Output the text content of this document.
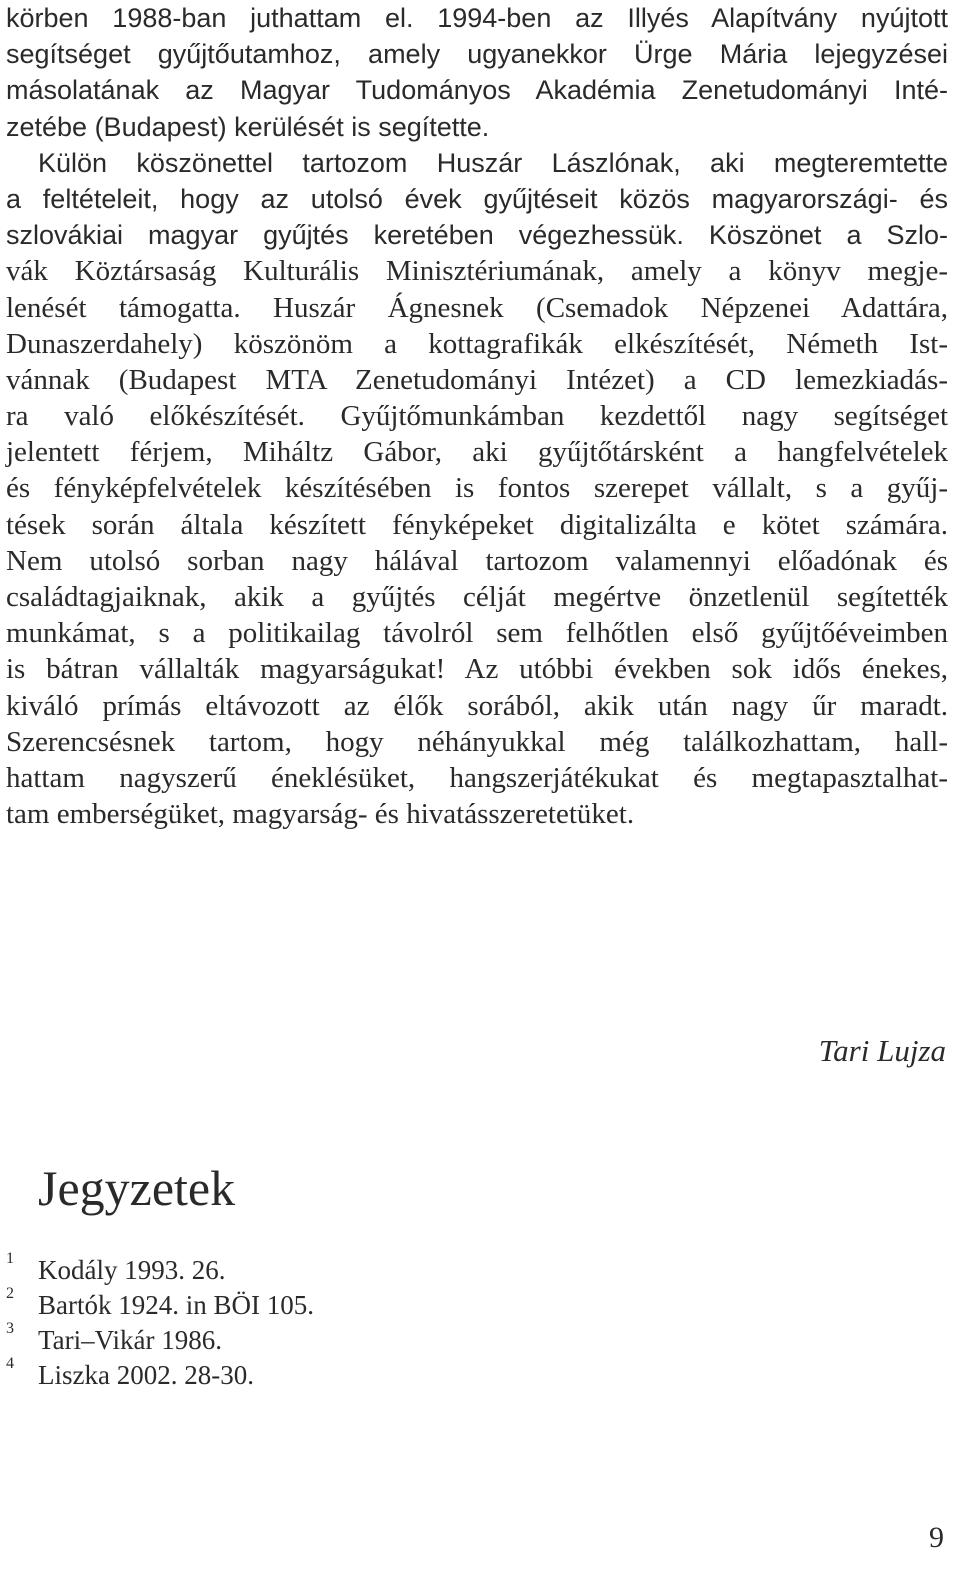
körben 1988-ban juthattam el. 1994-ben az Illyés Alapítvány nyújtott
segítséget gyűjtőutamhoz, amely ugyanekkor Ürge Mária lejegyzései
másolatának az Magyar Tudományos Akadémia Zenetudományi Inté-
zetébe (Budapest) kerülését is segítette.
Külön köszönettel tartozom Huszár Lászlónak, aki megteremtette
a feltételeit, hogy az utolsó évek gyűjtéseit közös magyarországi- és
szlovákiai magyar gyűjtés keretében végezhessük. Köszönet a Szlo-
vák Köztársaság Kulturális Minisztériumának, amely a könyv megje-
lenését támogatta. Huszár Ágnesnek (Csemadok Népzenei Adattára,
Dunaszerdahely) köszönöm a kottagrafikák elkészítését, Németh Ist-
vánnak (Budapest MTA Zenetudományi Intézet) a CD lemezkiadás-
ra való előkészítését. Gyűjtőmunkámban kezdettől nagy segítséget
jelentett férjem, Miháltz Gábor, aki gyűjtőtársként a hangfelvételek
és fényképfelvételek készítésében is fontos szerepet vállalt, s a gyűj-
tések során általa készített fényképeket digitalizálta e kötet számára.
Nem utolsó sorban nagy hálával tartozom valamennyi előadónak és
családtagjaiknak, akik a gyűjtés célját megértve önzetlenül segítették
munkámat, s a politikailag távolról sem felhőtlen első gyűjtőéveimben
is bátran vállalták magyarságukat! Az utóbbi években sok idős énekes,
kiváló prímás eltávozott az élők sorából, akik után nagy űr maradt.
Szerencsésnek tartom, hogy néhányukkal még találkozhattam, hall-
hattam nagyszerű éneklésüket, hangszerjátékukat és megtapasztalhat-
tam emberségüket, magyarság- és hivatásszeretetüket.
Tari Lujza
Jegyzetek
1 Kodály 1993. 26.
2 Bartók 1924. in BÖI 105.
3 Tari–Vikár 1986.
4 Liszka 2002. 28-30.
9
